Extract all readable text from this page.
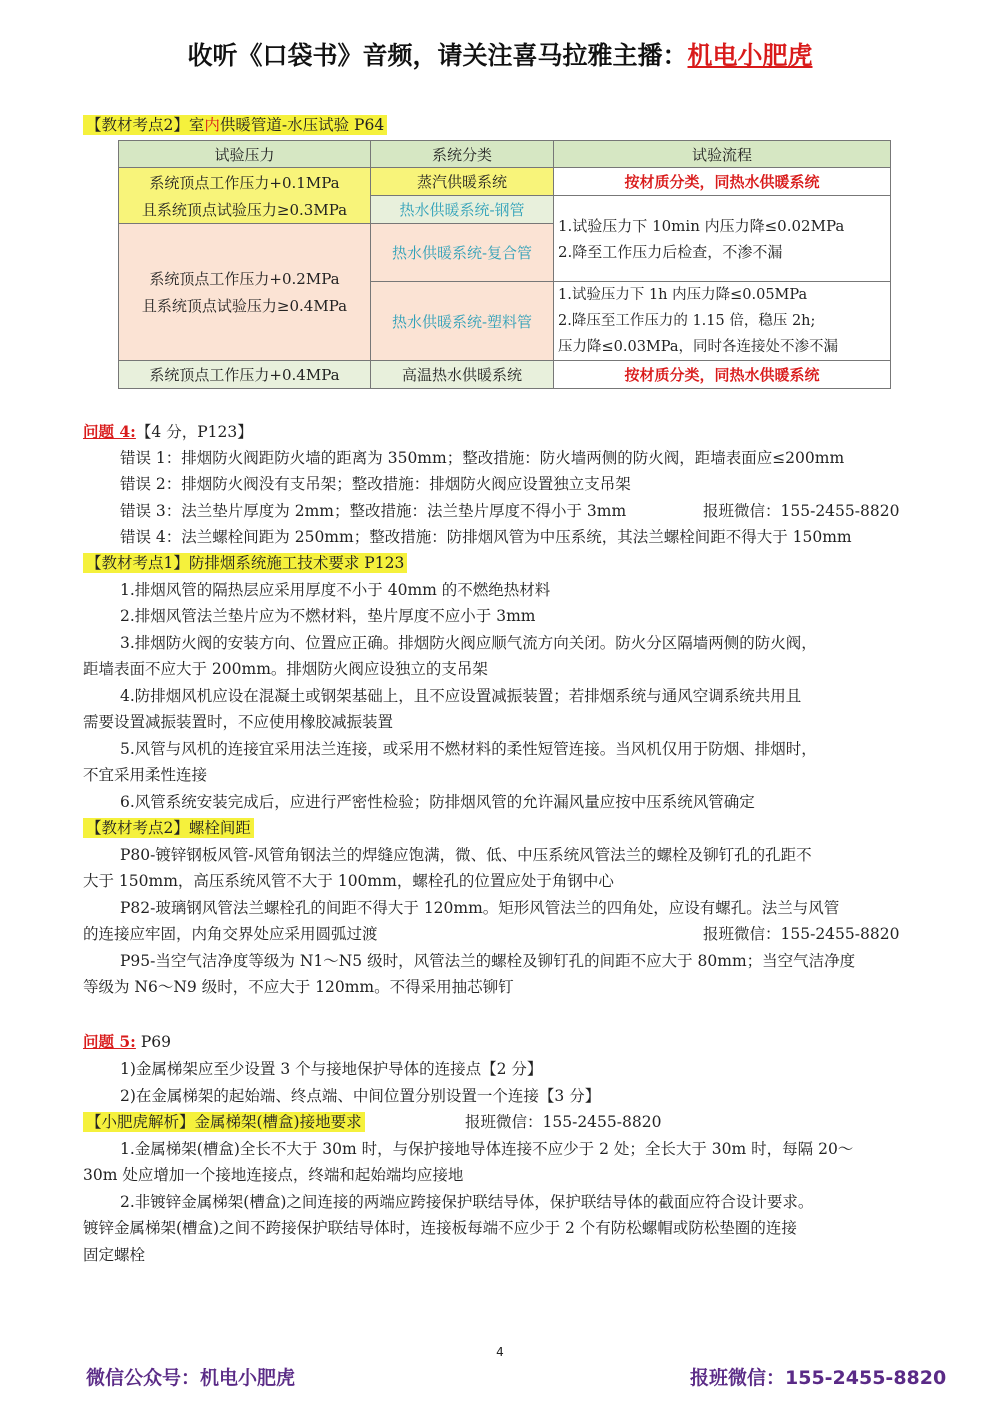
收听《口袋书》音频，请关注喜马拉雅主播：机电小肥虎
【教材考点2】室内供暖管道-水压试验 P64
试验压力	系统分类	试验流程

系统顶点工作压力+0.1MPa
且系统顶点试验压力≥0.3MPa	蒸汽供暖系统	按材质分类，同热水供暖系统
	热水供暖系统-钢管	1.试验压力下 10min 内压力降≤0.02MPa
2.降至工作压力后检查，不渗不漏

系统顶点工作压力+0.2MPa
且系统顶点试验压力≥0.4MPa	热水供暖系统-复合管	
	热水供暖系统-塑料管	1.试验压力下 1h 内压力降≤0.05MPa
2.降压至工作压力的 1.15 倍，稳压 2h;
压力降≤0.03MPa，同时各连接处不渗不漏

系统顶点工作压力+0.4MPa	高温热水供暖系统	按材质分类，同热水供暖系统
问题 4:【4 分，P123】
错误 1：排烟防火阀距防火墙的距离为 350mm；整改措施：防火墙两侧的防火阀，距墙表面应≤200mm
错误 2：排烟防火阀没有支吊架；整改措施：排烟防火阀应设置独立支吊架
错误 3：法兰垫片厚度为 2mm；整改措施：法兰垫片厚度不得小于 3mm	报班微信：155-2455-8820
错误 4：法兰螺栓间距为 250mm；整改措施：防排烟风管为中压系统，其法兰螺栓间距不得大于 150mm
【教材考点1】防排烟系统施工技术要求 P123
1.排烟风管的隔热层应采用厚度不小于 40mm 的不燃绝热材料
2.排烟风管法兰垫片应为不燃材料，垫片厚度不应小于 3mm
3.排烟防火阀的安装方向、位置应正确。排烟防火阀应顺气流方向关闭。防火分区隔墙两侧的防火阀，
距墙表面不应大于 200mm。排烟防火阀应设独立的支吊架
4.防排烟风机应设在混凝土或钢架基础上，且不应设置减振装置；若排烟系统与通风空调系统共用且
需要设置减振装置时，不应使用橡胶减振装置
5.风管与风机的连接宜采用法兰连接，或采用不燃材料的柔性短管连接。当风机仅用于防烟、排烟时，
不宜采用柔性连接
6.风管系统安装完成后，应进行严密性检验；防排烟风管的允许漏风量应按中压系统风管确定
【教材考点2】螺栓间距
P80-镀锌钢板风管-风管角钢法兰的焊缝应饱满，微、低、中压系统风管法兰的螺栓及铆钉孔的孔距不
大于 150mm，高压系统风管不大于 100mm，螺栓孔的位置应处于角钢中心
P82-玻璃钢风管法兰螺栓孔的间距不得大于 120mm。矩形风管法兰的四角处，应设有螺孔。法兰与风管
的连接应牢固，内角交界处应采用圆弧过渡	报班微信：155-2455-8820
P95-当空气洁净度等级为 N1～N5 级时，风管法兰的螺栓及铆钉孔的间距不应大于 80mm；当空气洁净度
等级为 N6～N9 级时，不应大于 120mm。不得采用抽芯铆钉
问题 5: P69
1)金属梯架应至少设置 3 个与接地保护导体的连接点【2 分】
2)在金属梯架的起始端、终点端、中间位置分别设置一个连接【3 分】
【小肥虎解析】金属梯架(槽盒)接地要求	报班微信：155-2455-8820
1.金属梯架(槽盒)全长不大于 30m 时，与保护接地导体连接不应少于 2 处；全长大于 30m 时，每隔 20～
30m 处应增加一个接地连接点，终端和起始端均应接地
2.非镀锌金属梯架(槽盒)之间连接的两端应跨接保护联结导体，保护联结导体的截面应符合设计要求。
镀锌金属梯架(槽盒)之间不跨接保护联结导体时，连接板每端不应少于 2 个有防松螺帽或防松垫圈的连接
固定螺栓
4
微信公众号：机电小肥虎	报班微信：155-2455-8820
